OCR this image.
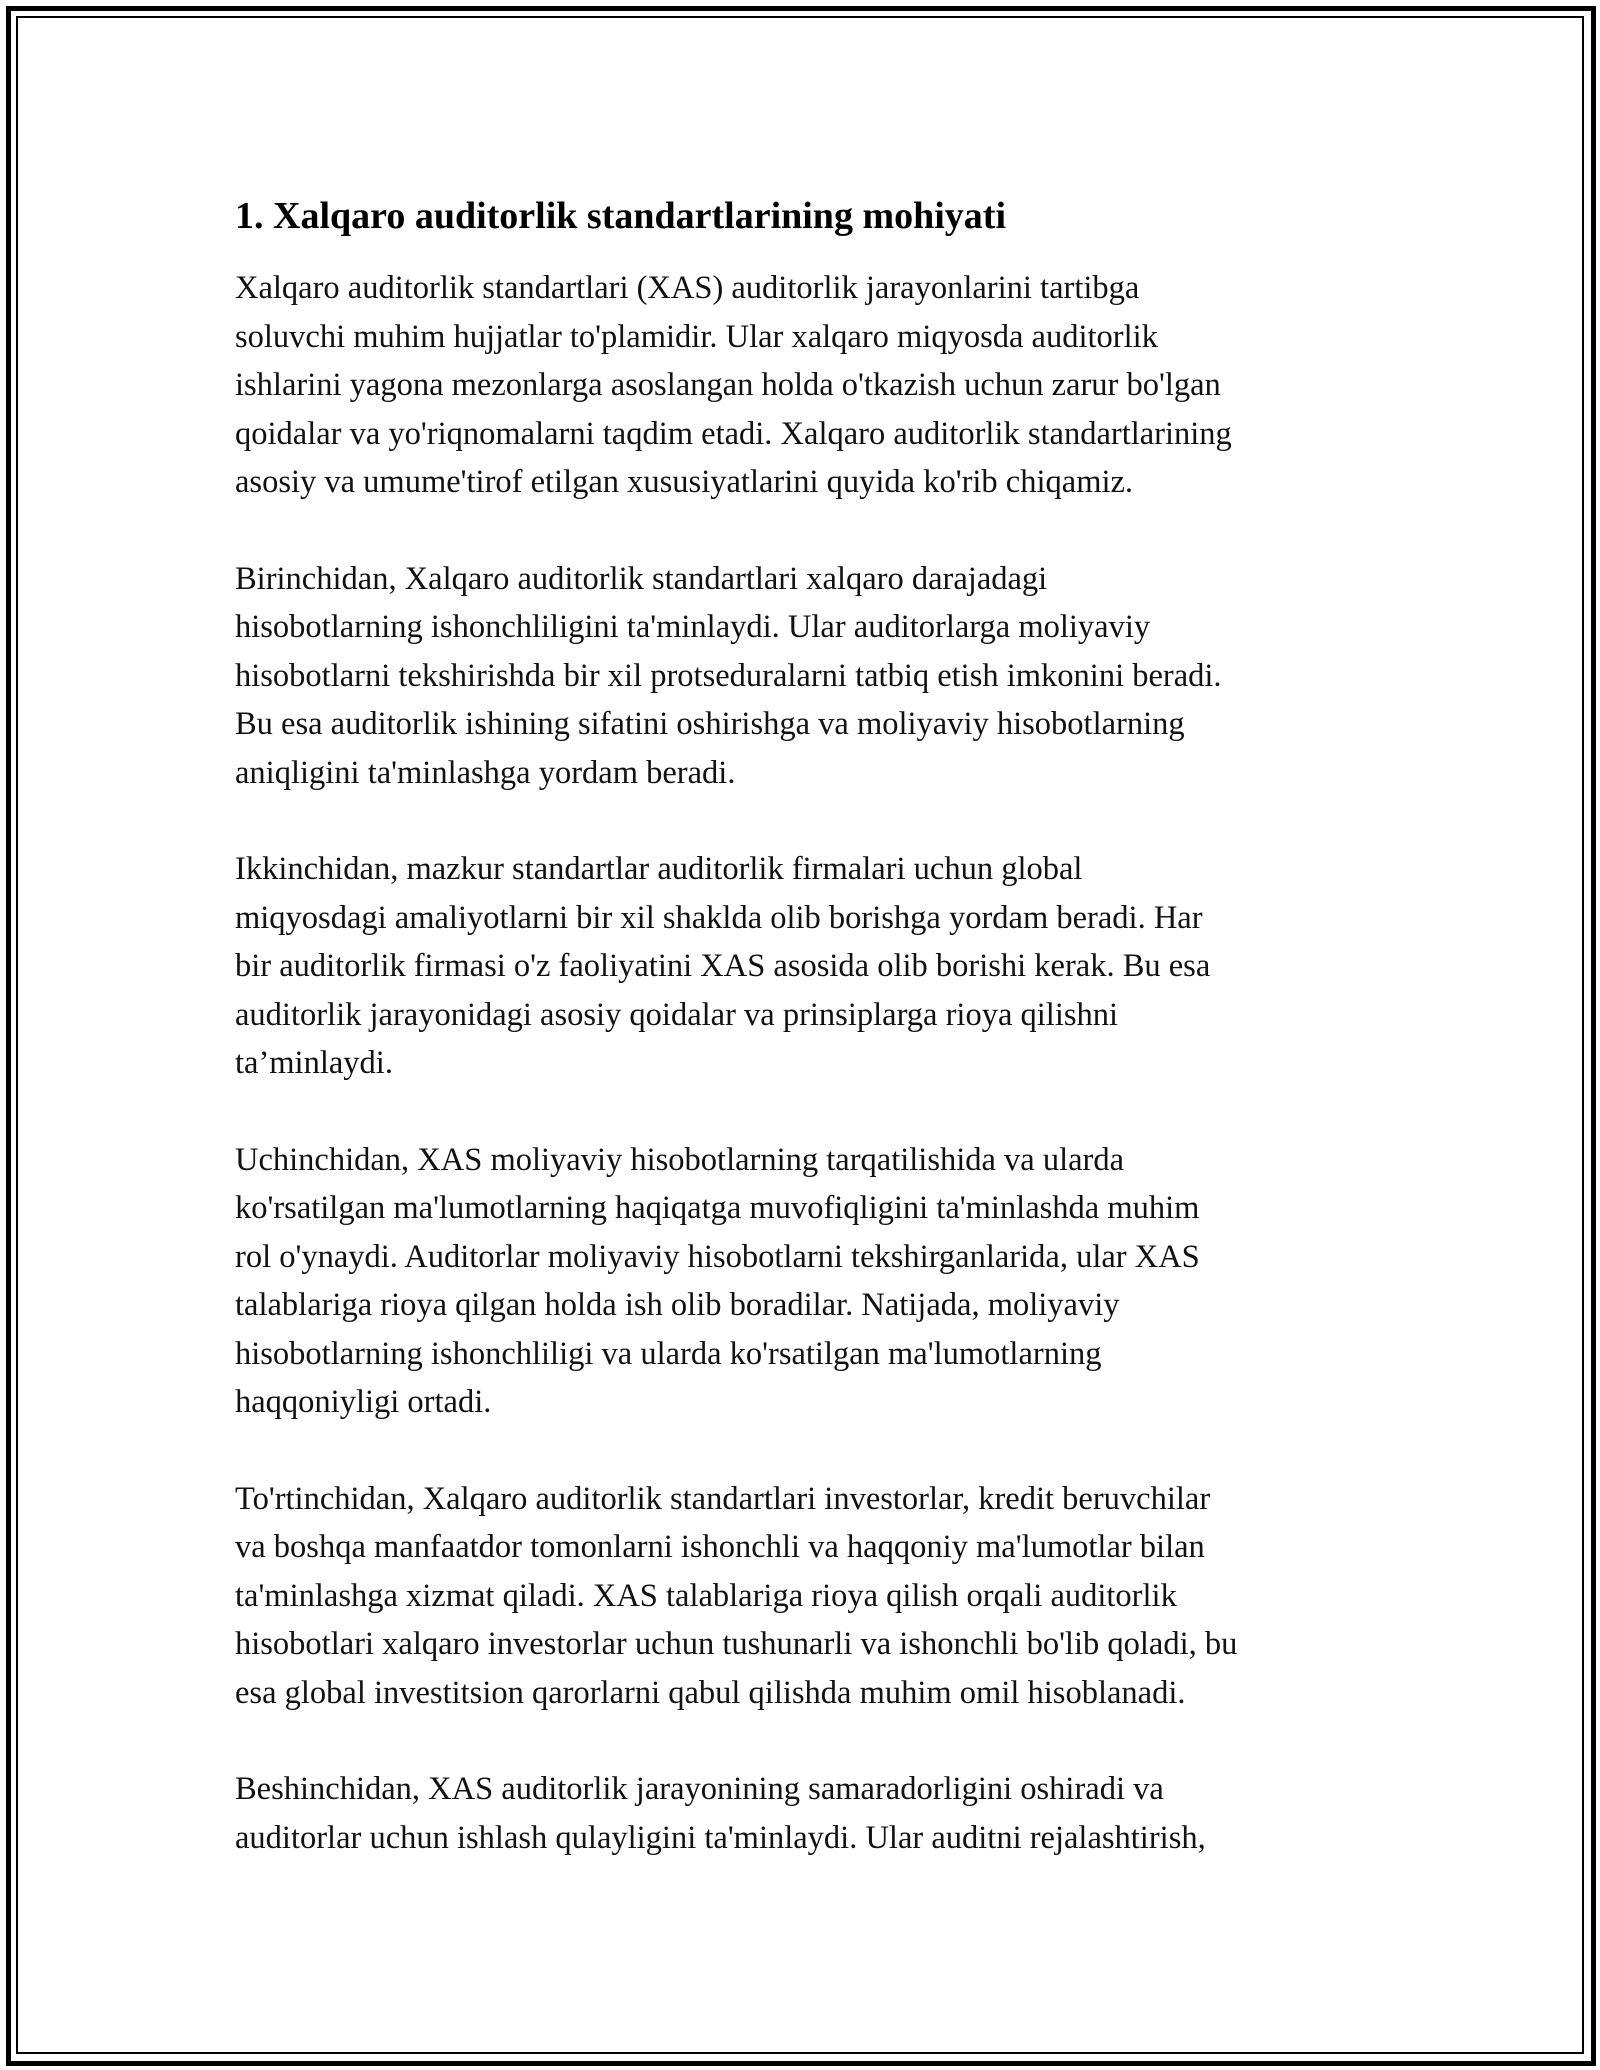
1. Xalqaro auditorlik standartlarining mohiyati

Xalqaro auditorlik standartlari (XAS) auditorlik jarayonlarini tartibga
soluvchi muhim hujjatlar to'plamidir. Ular xalqaro miqyosda auditorlik
ishlarini yagona mezonlarga asoslangan holda o'tkazish uchun zarur bo'lgan
qoidalar va yo'riqnomalarni taqdim etadi. Xalqaro auditorlik standartlarining
asosiy va umume'tirof etilgan xususiyatlarini quyida ko'rib chiqamiz.

Birinchidan, Xalqaro auditorlik standartlari xalqaro darajadagi
hisobotlarning ishonchliligini ta'minlaydi. Ular auditorlarga moliyaviy
hisobotlarni tekshirishda bir xil protseduralarni tatbiq etish imkonini beradi.
Bu esa auditorlik ishining sifatini oshirishga va moliyaviy hisobotlarning
aniqligini ta'minlashga yordam beradi.

Ikkinchidan, mazkur standartlar auditorlik firmalari uchun global
miqyosdagi amaliyotlarni bir xil shaklda olib borishga yordam beradi. Har
bir auditorlik firmasi o'z faoliyatini XAS asosida olib borishi kerak. Bu esa
auditorlik jarayonidagi asosiy qoidalar va prinsiplarga rioya qilishni
ta’minlaydi.

Uchinchidan, XAS moliyaviy hisobotlarning tarqatilishida va ularda
ko'rsatilgan ma'lumotlarning haqiqatga muvofiqligini ta'minlashda muhim
rol o'ynaydi. Auditorlar moliyaviy hisobotlarni tekshirganlarida, ular XAS
talablariga rioya qilgan holda ish olib boradilar. Natijada, moliyaviy
hisobotlarning ishonchliligi va ularda ko'rsatilgan ma'lumotlarning
haqqoniyligi ortadi.

To'rtinchidan, Xalqaro auditorlik standartlari investorlar, kredit beruvchilar
va boshqa manfaatdor tomonlarni ishonchli va haqqoniy ma'lumotlar bilan
ta'minlashga xizmat qiladi. XAS talablariga rioya qilish orqali auditorlik
hisobotlari xalqaro investorlar uchun tushunarli va ishonchli bo'lib qoladi, bu
esa global investitsion qarorlarni qabul qilishda muhim omil hisoblanadi.

Beshinchidan, XAS auditorlik jarayonining samaradorligini oshiradi va
auditorlar uchun ishlash qulayligini ta'minlaydi. Ular auditni rejalashtirish,
